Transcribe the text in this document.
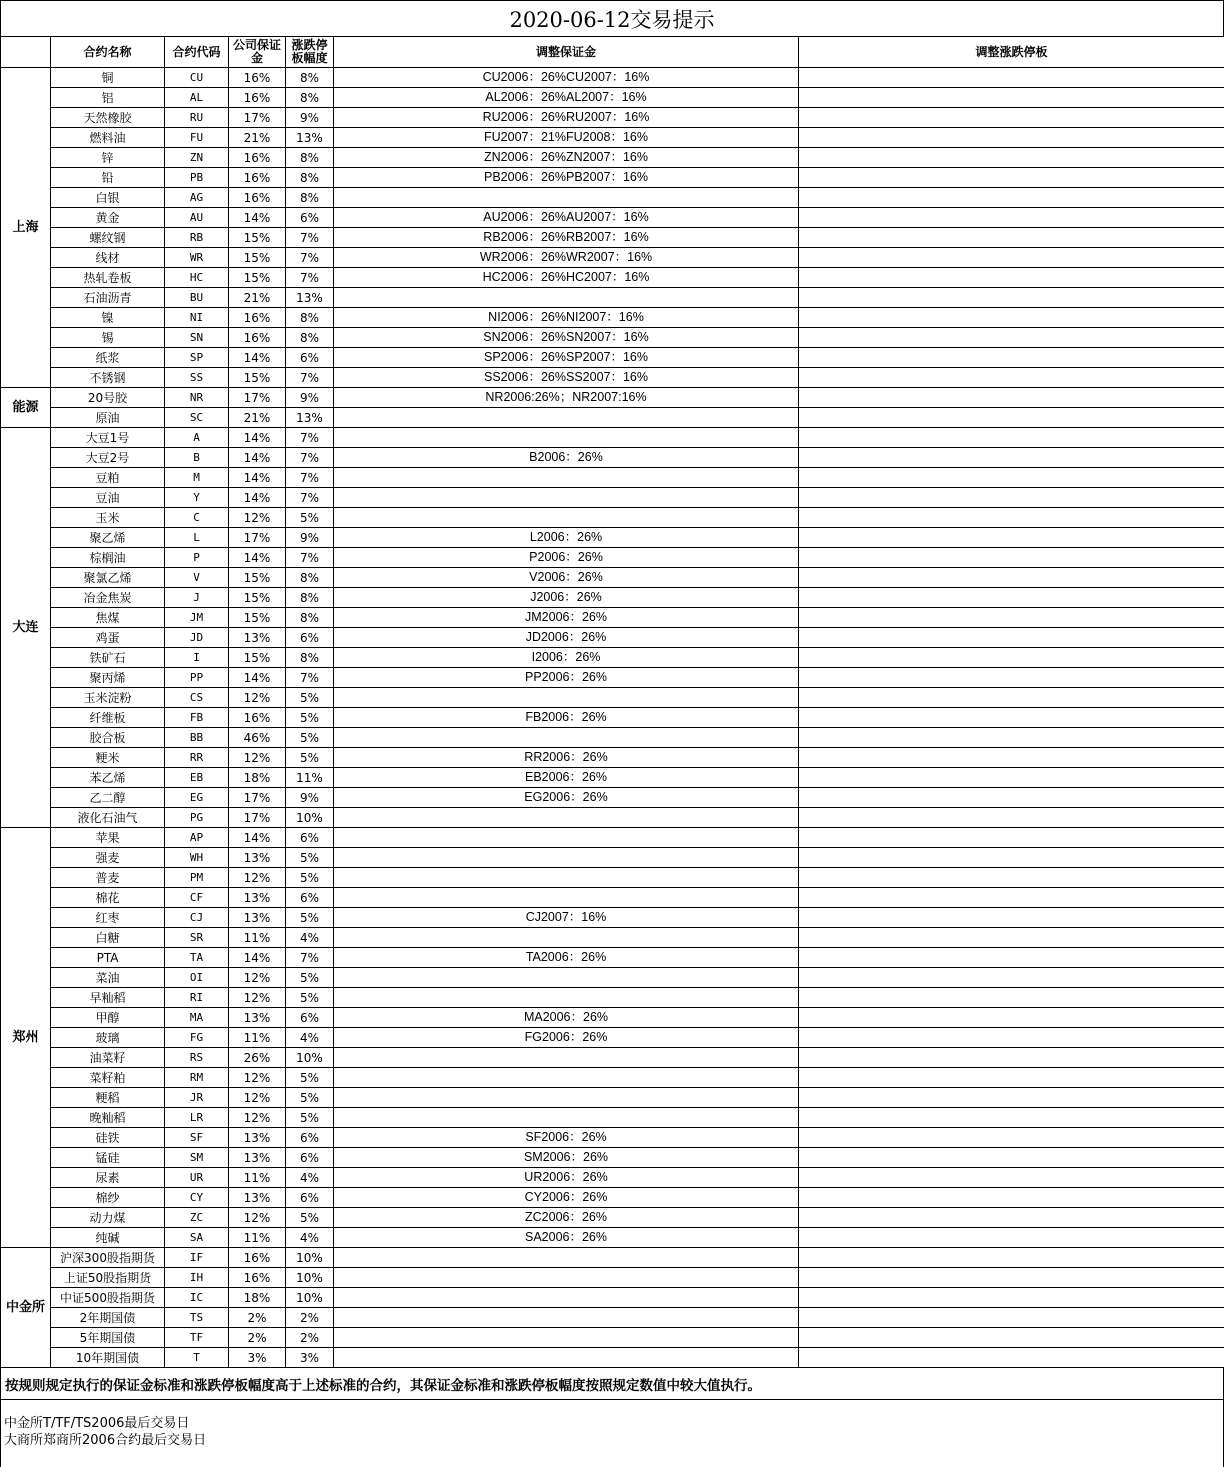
2020-06-12交易提示
	合约名称	合约代码	公司保证金	涨跌停板幅度	调整保证金	调整涨跌停板
上海	铜	CU	16%	8%	CU2006：26%CU2007：16%	
	铝	AL	16%	8%	AL2006：26%AL2007：16%	
	天然橡胶	RU	17%	9%	RU2006：26%RU2007：16%	
	燃料油	FU	21%	13%	FU2007：21%FU2008：16%	
	锌	ZN	16%	8%	ZN2006：26%ZN2007：16%	
	铅	PB	16%	8%	PB2006：26%PB2007：16%	
	白银	AG	16%	8%		
	黄金	AU	14%	6%	AU2006：26%AU2007：16%	
	螺纹钢	RB	15%	7%	RB2006：26%RB2007：16%	
	线材	WR	15%	7%	WR2006：26%WR2007：16%	
	热轧卷板	HC	15%	7%	HC2006：26%HC2007：16%	
	石油沥青	BU	21%	13%		
	镍	NI	16%	8%	NI2006：26%NI2007：16%	
	锡	SN	16%	8%	SN2006：26%SN2007：16%	
	纸浆	SP	14%	6%	SP2006：26%SP2007：16%	
	不锈钢	SS	15%	7%	SS2006：26%SS2007：16%	
能源	20号胶	NR	17%	9%	NR2006:26%；NR2007:16%	
	原油	SC	21%	13%		
大连	大豆1号	A	14%	7%		
	大豆2号	B	14%	7%	B2006：26%	
	豆粕	M	14%	7%		
	豆油	Y	14%	7%		
	玉米	C	12%	5%		
	聚乙烯	L	17%	9%	L2006：26%	
	棕榈油	P	14%	7%	P2006：26%	
	聚氯乙烯	V	15%	8%	V2006：26%	
	冶金焦炭	J	15%	8%	J2006：26%	
	焦煤	JM	15%	8%	JM2006：26%	
	鸡蛋	JD	13%	6%	JD2006：26%	
	铁矿石	I	15%	8%	I2006：26%	
	聚丙烯	PP	14%	7%	PP2006：26%	
	玉米淀粉	CS	12%	5%		
	纤维板	FB	16%	5%	FB2006：26%	
	胶合板	BB	46%	5%		
	粳米	RR	12%	5%	RR2006：26%	
	苯乙烯	EB	18%	11%	EB2006：26%	
	乙二醇	EG	17%	9%	EG2006：26%	
	液化石油气	PG	17%	10%		
郑州	苹果	AP	14%	6%		
	强麦	WH	13%	5%		
	普麦	PM	12%	5%		
	棉花	CF	13%	6%		
	红枣	CJ	13%	5%	CJ2007：16%	
	白糖	SR	11%	4%		
	PTA	TA	14%	7%	TA2006：26%	
	菜油	OI	12%	5%		
	早籼稻	RI	12%	5%		
	甲醇	MA	13%	6%	MA2006：26%	
	玻璃	FG	11%	4%	FG2006：26%	
	油菜籽	RS	26%	10%		
	菜籽粕	RM	12%	5%		
	粳稻	JR	12%	5%		
	晚籼稻	LR	12%	5%		
	硅铁	SF	13%	6%	SF2006：26%	
	锰硅	SM	13%	6%	SM2006：26%	
	尿素	UR	11%	4%	UR2006：26%	
	棉纱	CY	13%	6%	CY2006：26%	
	动力煤	ZC	12%	5%	ZC2006：26%	
	纯碱	SA	11%	4%	SA2006：26%	
中金所	沪深300股指期货	IF	16%	10%		
	上证50股指期货	IH	16%	10%		
	中证500股指期货	IC	18%	10%		
	2年期国债	TS	2%	2%		
	5年期国债	TF	2%	2%		
	10年期国债	T	3%	3%		
按规则规定执行的保证金标准和涨跌停板幅度高于上述标准的合约，其保证金标准和涨跌停板幅度按照规定数值中较大值执行。
中金所T/TF/TS2006最后交易日
大商所郑商所2006合约最后交易日
